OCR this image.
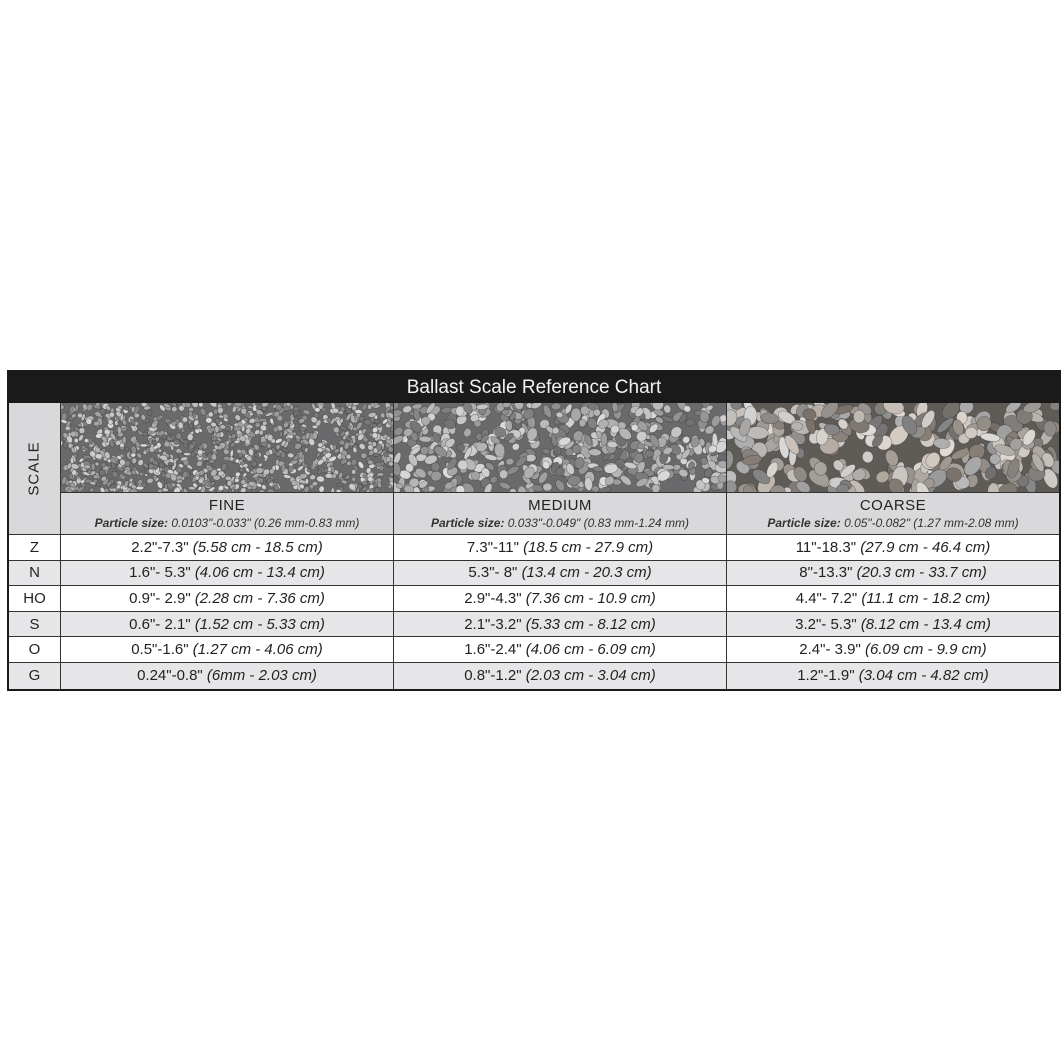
Ballast Scale Reference Chart
SCALE
FINE
Particle size: 0.0103"-0.033" (0.26 mm-0.83 mm)
MEDIUM
Particle size: 0.033"-0.049" (0.83 mm-1.24 mm)
COARSE
Particle size: 0.05"-0.082" (1.27 mm-2.08 mm)
Z	2.2"-7.3" (5.58 cm - 18.5 cm)	7.3"-11" (18.5 cm - 27.9 cm)	11"-18.3" (27.9 cm - 46.4 cm)
N	1.6"- 5.3" (4.06 cm - 13.4 cm)	5.3"- 8" (13.4 cm - 20.3 cm)	8"-13.3" (20.3 cm - 33.7 cm)
HO	0.9"- 2.9" (2.28 cm - 7.36 cm)	2.9"-4.3" (7.36 cm - 10.9 cm)	4.4"- 7.2" (11.1 cm - 18.2 cm)
S	0.6"- 2.1" (1.52 cm - 5.33 cm)	2.1"-3.2" (5.33 cm - 8.12 cm)	3.2"- 5.3" (8.12 cm - 13.4 cm)
O	0.5"-1.6" (1.27 cm - 4.06 cm)	1.6"-2.4" (4.06 cm - 6.09 cm)	2.4"- 3.9" (6.09 cm - 9.9 cm)
G	0.24"-0.8" (6mm - 2.03 cm)	0.8"-1.2" (2.03 cm - 3.04 cm)	1.2"-1.9" (3.04 cm - 4.82 cm)
